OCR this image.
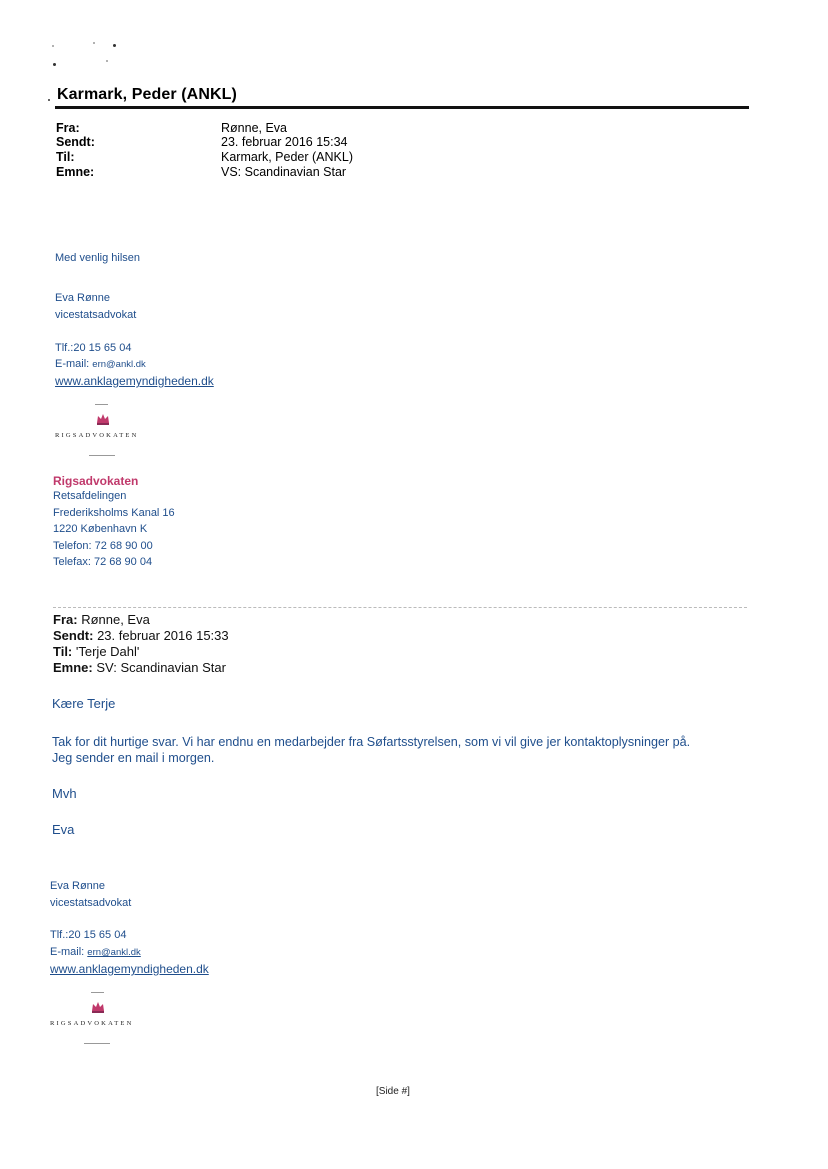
Karmark, Peder (ANKL)
Fra:	Rønne, Eva
Sendt:	23. februar 2016 15:34
Til:	Karmark, Peder (ANKL)
Emne:	VS: Scandinavian Star
Med venlig hilsen
Eva Rønne
vicestatsadvokat
Tlf.:20 15 65 04
E-mail: ern@ankl.dk
www.anklagemyndigheden.dk
RIGSADVOKATEN
Rigsadvokaten
Retsafdelingen
Frederiksholms Kanal 16
1220 København K
Telefon: 72 68 90 00
Telefax: 72 68 90 04
Fra: Rønne, Eva
Sendt: 23. februar 2016 15:33
Til: 'Terje Dahl'
Emne: SV: Scandinavian Star
Kære Terje
Tak for dit hurtige svar. Vi har endnu en medarbejder fra Søfartsstyrelsen, som vi vil give jer kontaktoplysninger på.
Jeg sender en mail i morgen.
Mvh
Eva
Eva Rønne
vicestatsadvokat
Tlf.:20 15 65 04
E-mail: ern@ankl.dk
www.anklagemyndigheden.dk
RIGSADVOKATEN
[Side #]
